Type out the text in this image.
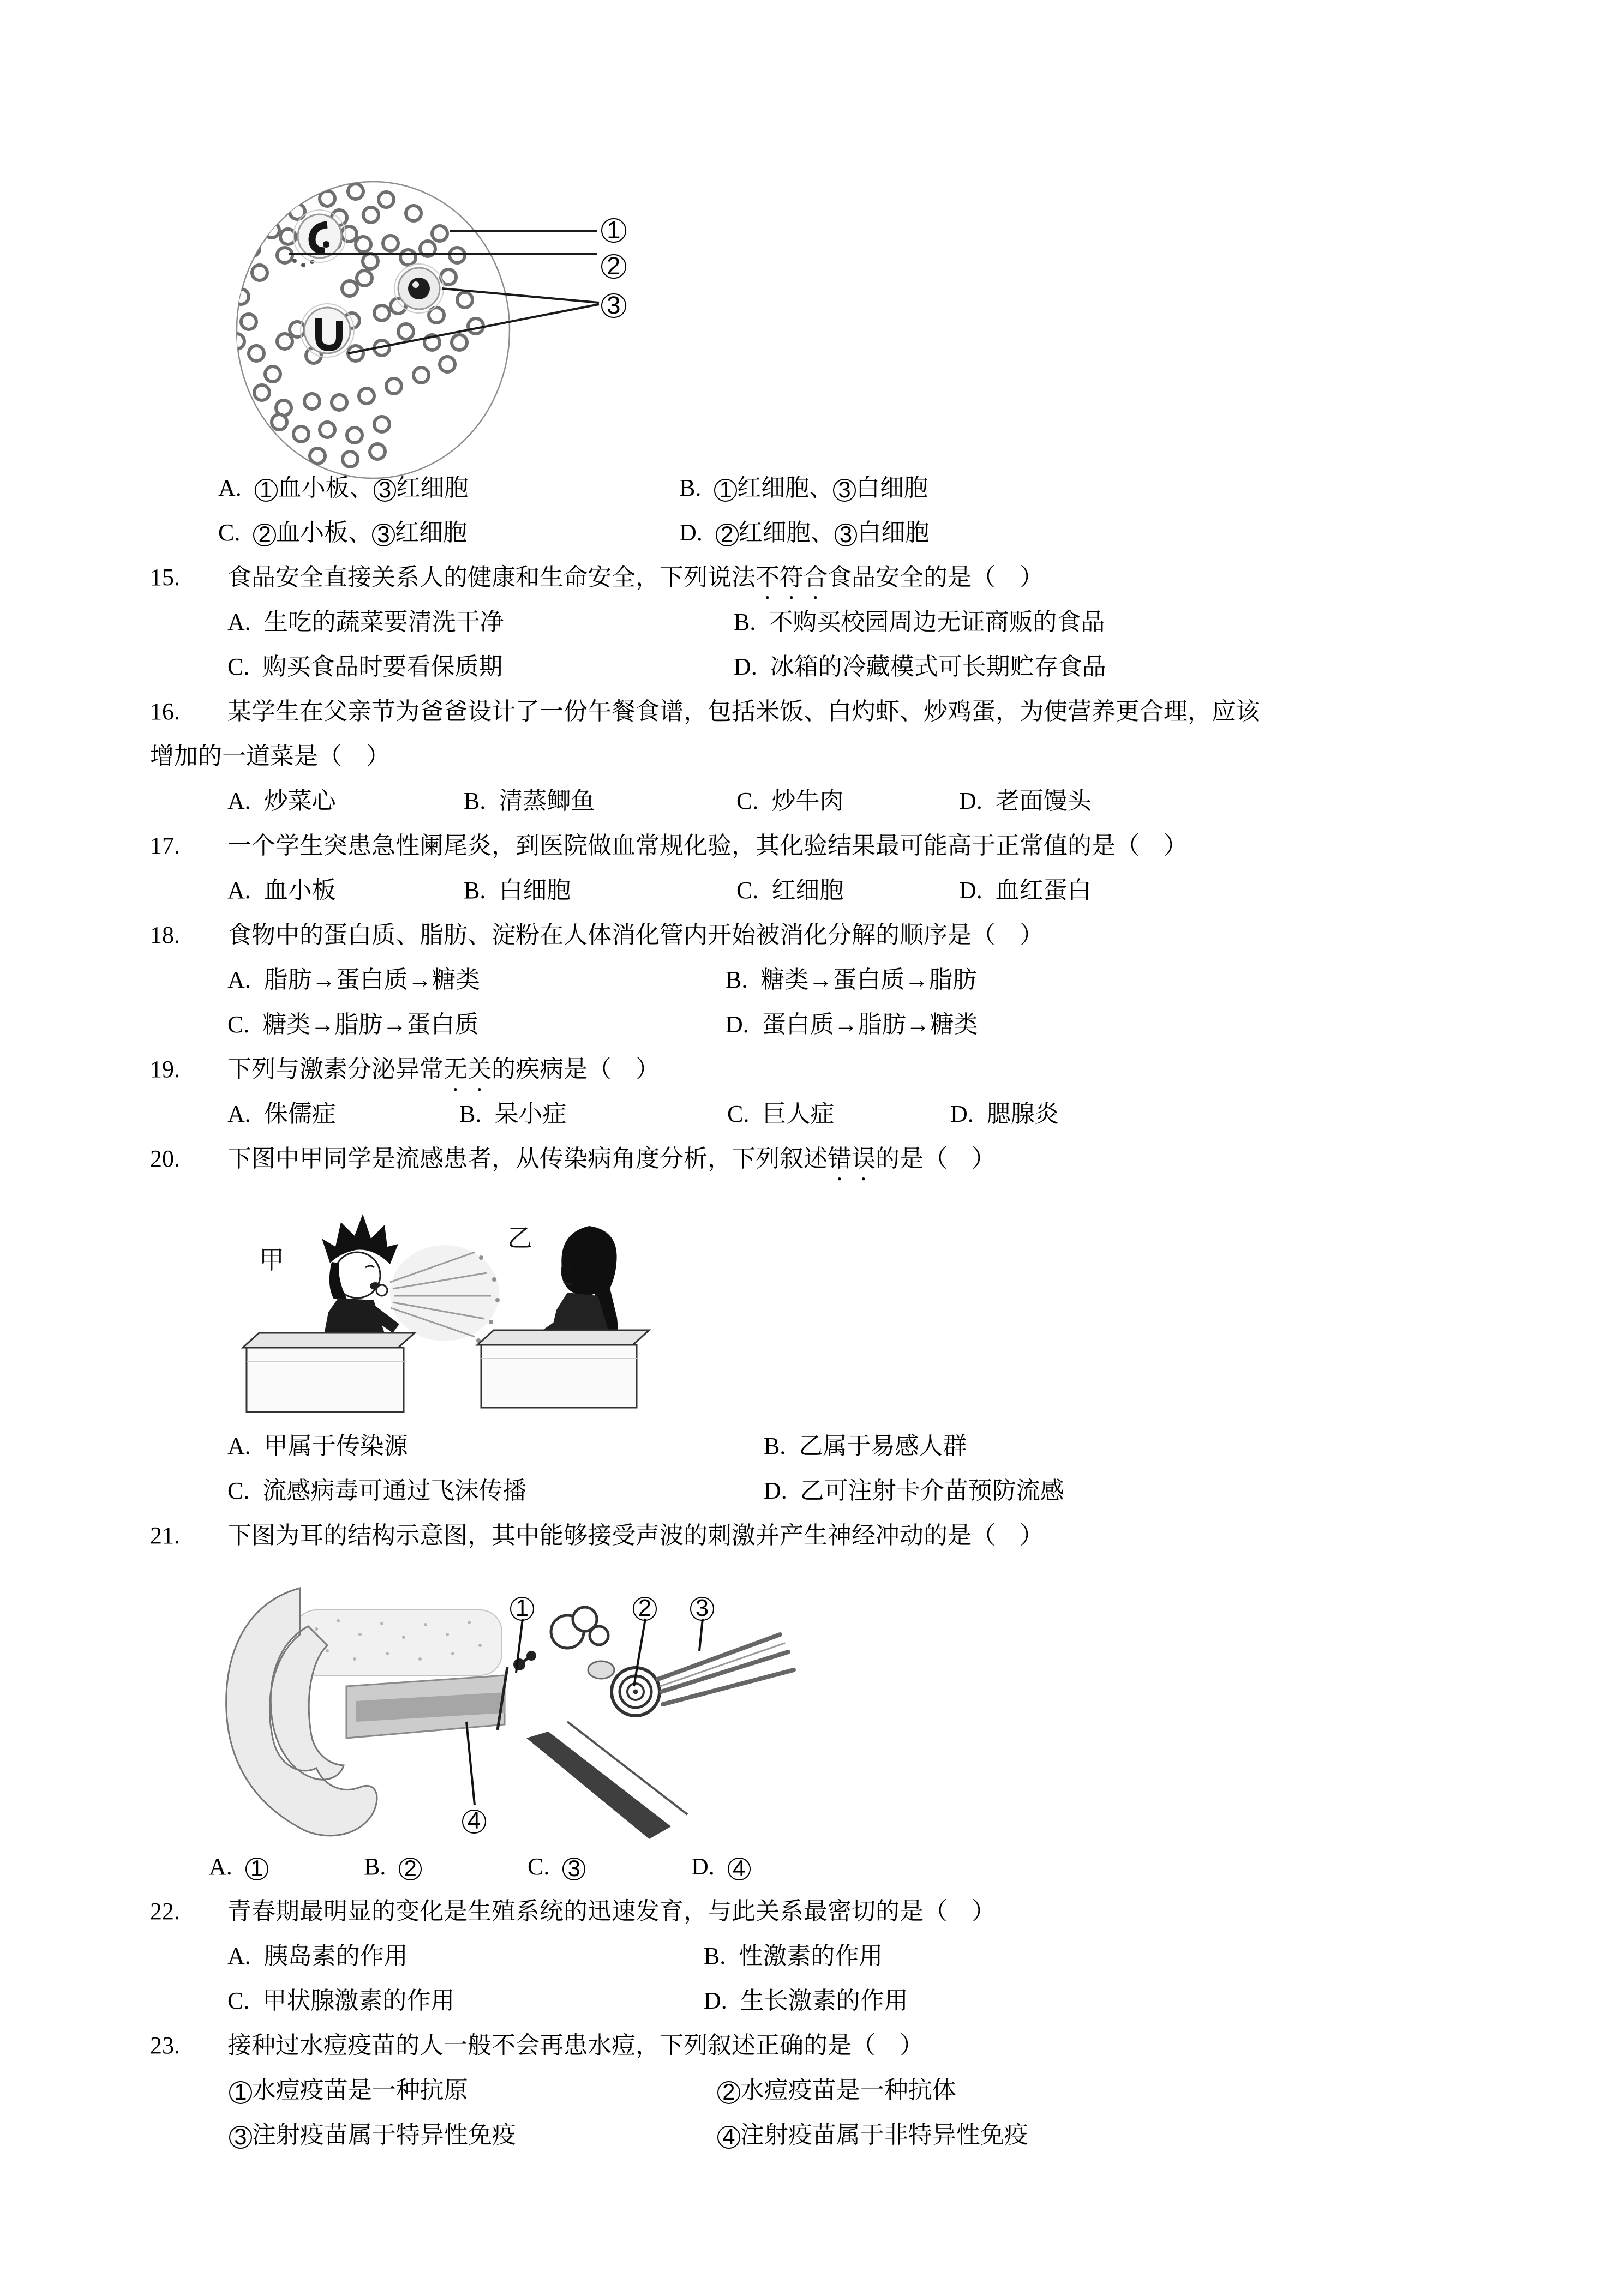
1
2
3
A. 1 血小板、 3 红细胞	B. 1 红细胞、 3 白细胞
C. 2 血小板、 3 红细胞	D. 2 红细胞、 3 白细胞
15. 食品安全直接关系人的健康和生命安全，下列说法不符合食品安全的是（　）
A. 生吃的蔬菜要清洗干净	B. 不购买校园周边无证商贩的食品
C. 购买食品时要看保质期	D. 冰箱的冷藏模式可长期贮存食品
16. 某学生在父亲节为爸爸设计了一份午餐食谱，包括米饭、白灼虾、炒鸡蛋，为使营养更合理，应该
增加的一道菜是（　）
A. 炒菜心	B. 清蒸鲫鱼	C. 炒牛肉	D. 老面馒头
17. 一个学生突患急性阑尾炎，到医院做血常规化验，其化验结果最可能高于正常值的是（　）
A. 血小板	B. 白细胞	C. 红细胞	D. 血红蛋白
18. 食物中的蛋白质、脂肪、淀粉在人体消化管内开始被消化分解的顺序是（　）
A. 脂肪→蛋白质→糖类	B. 糖类→蛋白质→脂肪
C. 糖类→脂肪→蛋白质	D. 蛋白质→脂肪→糖类
19. 下列与激素分泌异常无关的疾病是（　）
A. 侏儒症	B. 呆小症	C. 巨人症	D. 腮腺炎
20. 下图中甲同学是流感患者，从传染病角度分析，下列叙述错误的是（　）
甲
乙
A. 甲属于传染源	B. 乙属于易感人群
C. 流感病毒可通过飞沫传播	D. 乙可注射卡介苗预防流感
21. 下图为耳的结构示意图，其中能够接受声波的刺激并产生神经冲动的是（　）
1	2 3
4
A. 1	B. 2	C. 3	D. 4
22. 青春期最明显的变化是生殖系统的迅速发育，与此关系最密切的是（　）
A. 胰岛素的作用	B. 性激素的作用
C. 甲状腺激素的作用	D. 生长激素的作用
23. 接种过水痘疫苗的人一般不会再患水痘，下列叙述正确的是（　）
1 水痘疫苗是一种抗原	2 水痘疫苗是一种抗体
3 注射疫苗属于特异性免疫	4 注射疫苗属于非特异性免疫
